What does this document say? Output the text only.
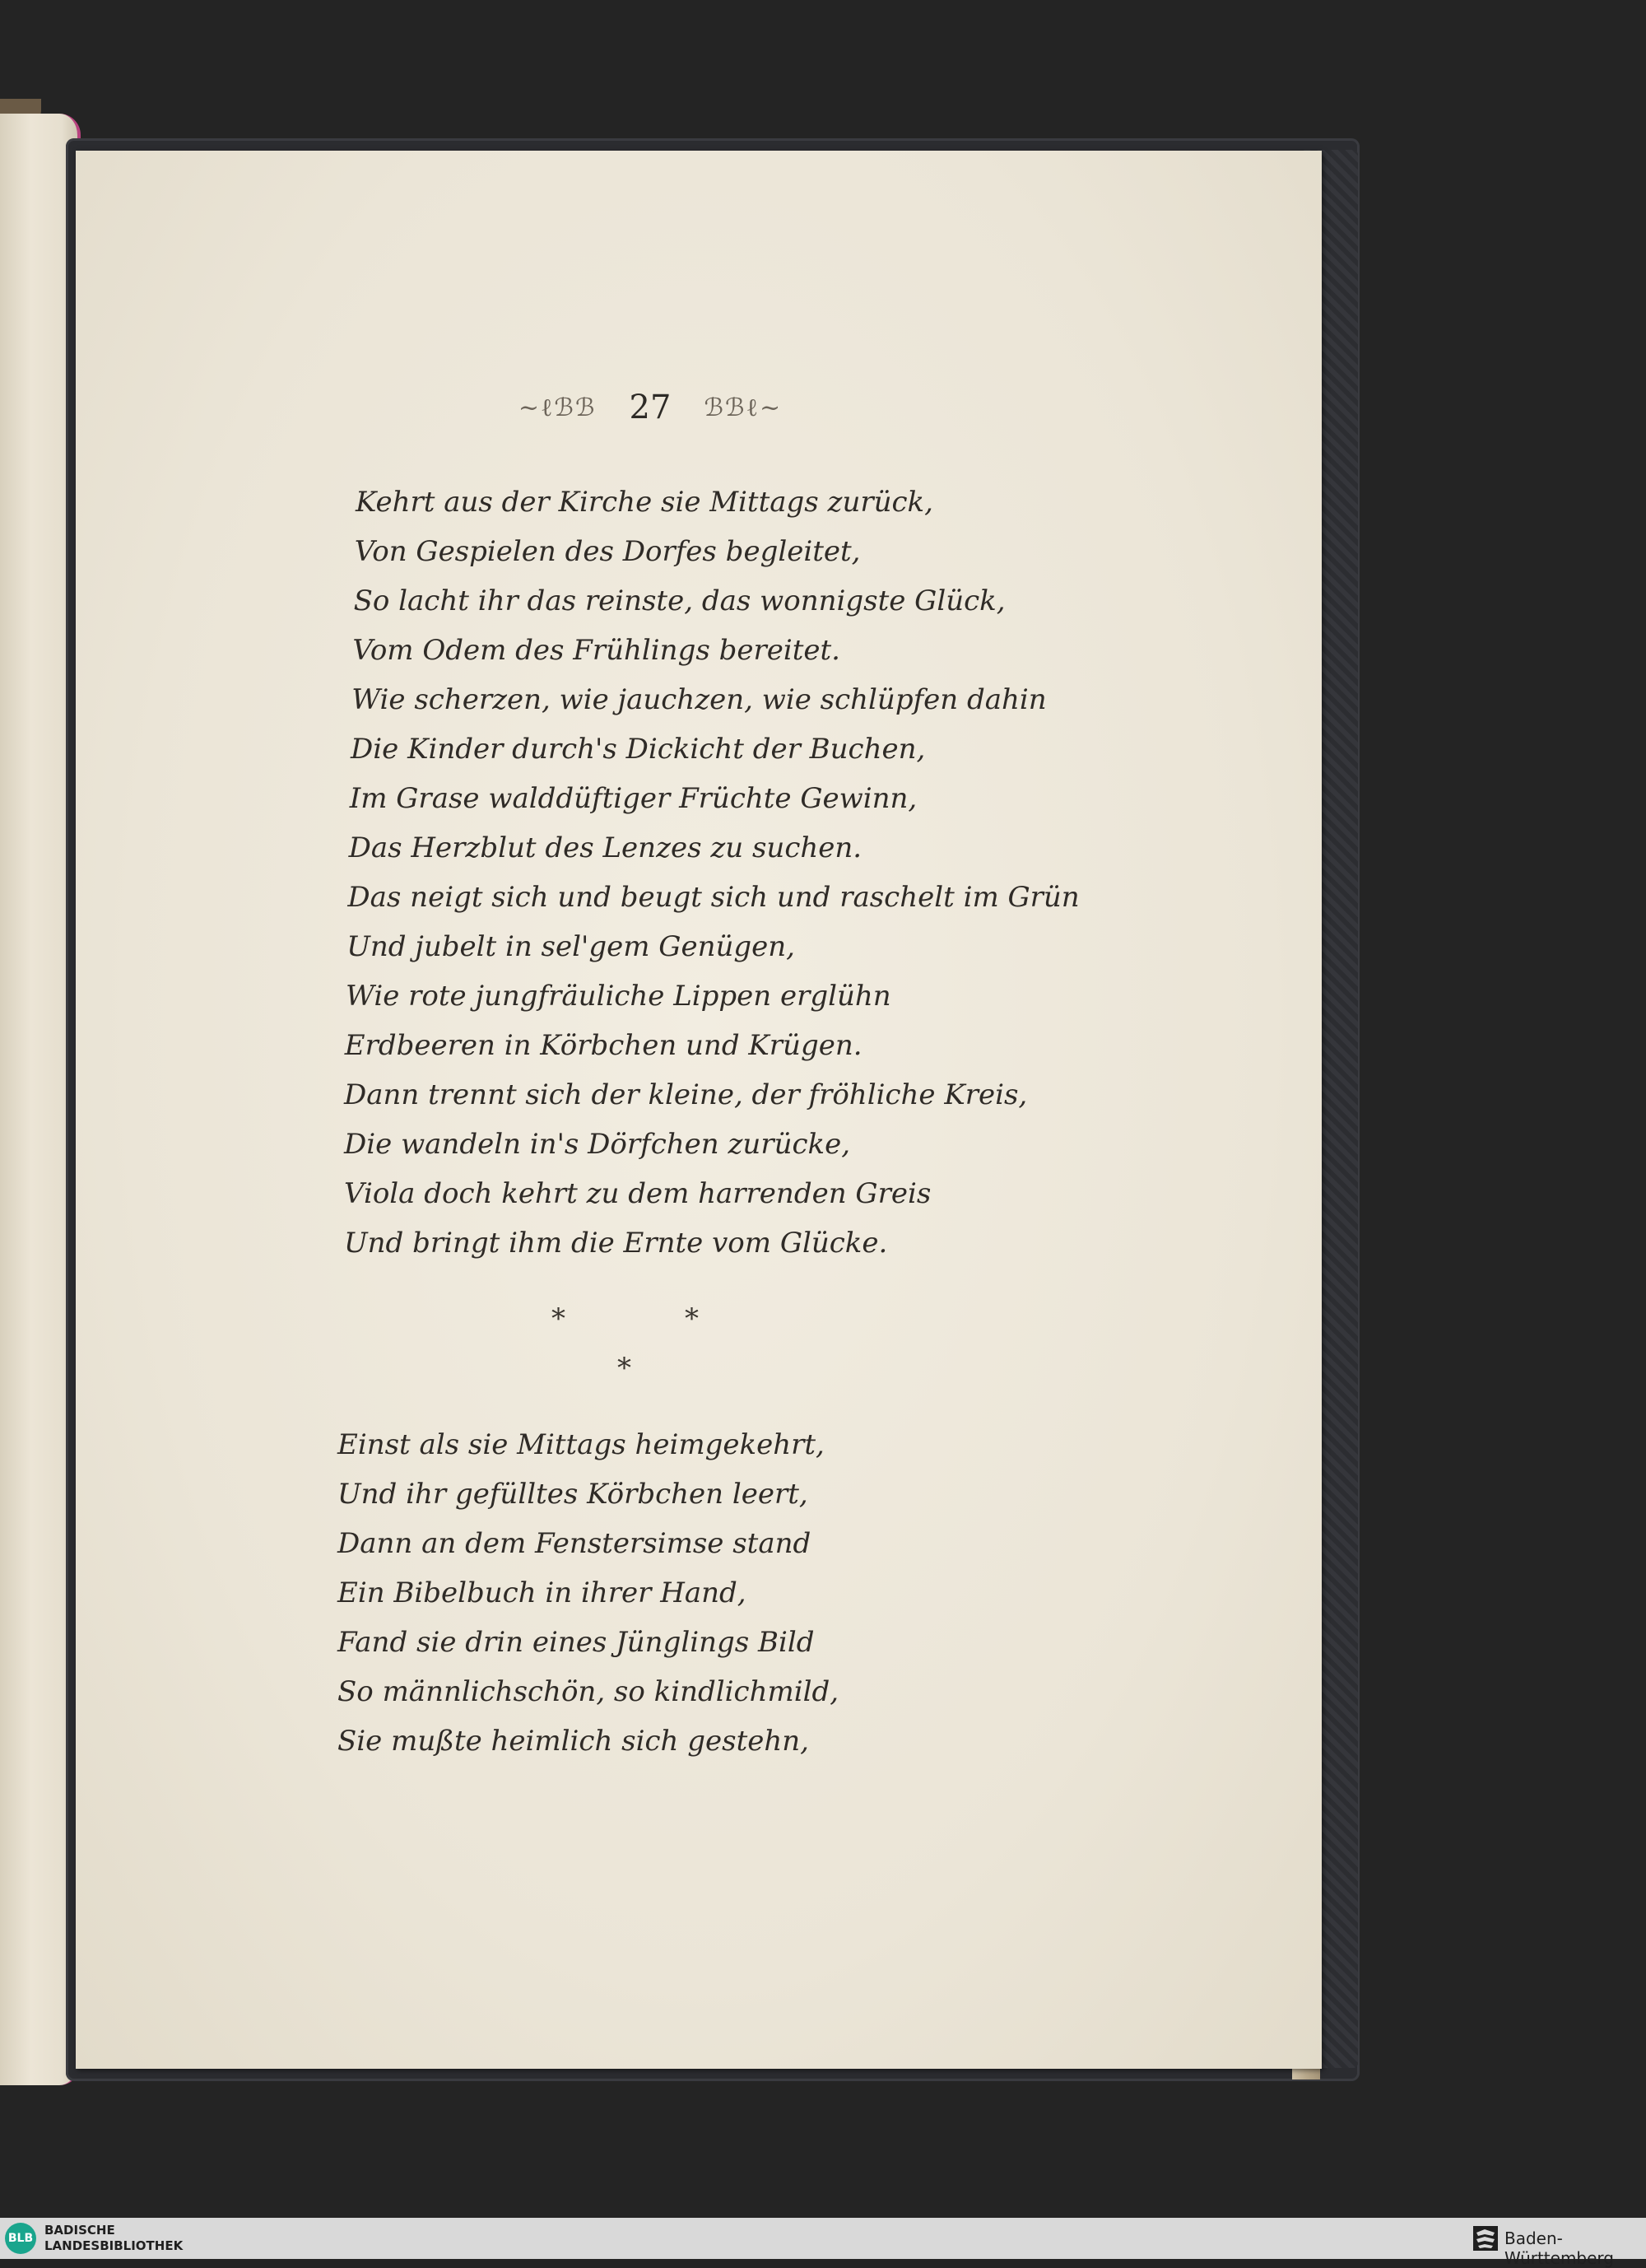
~ℓℬℬ 27 ℬℬℓ~
Kehrt aus der Kirche sie Mittags zurück,
Von Gespielen des Dorfes begleitet,
So lacht ihr das reinste, das wonnigste Glück,
Vom Odem des Frühlings bereitet.
Wie scherzen, wie jauchzen, wie schlüpfen dahin
Die Kinder durch's Dickicht der Buchen,
Im Grase walddüftiger Früchte Gewinn,
Das Herzblut des Lenzes zu suchen.
Das neigt sich und beugt sich und raschelt im Grün
Und jubelt in sel'gem Genügen,
Wie rote jungfräuliche Lippen erglühn
Erdbeeren in Körbchen und Krügen.
Dann trennt sich der kleine, der fröhliche Kreis,
Die wandeln in's Dörfchen zurücke,
Viola doch kehrt zu dem harrenden Greis
Und bringt ihm die Ernte vom Glücke.
*	*
*
Einst als sie Mittags heimgekehrt,
Und ihr gefülltes Körbchen leert,
Dann an dem Fenstersimse stand
Ein Bibelbuch in ihrer Hand,
Fand sie drin eines Jünglings Bild
So männlichschön, so kindlichmild,
Sie mußte heimlich sich gestehn,
BLB
BADISCHE
LANDESBIBLIOTHEK	Baden-Württemberg
